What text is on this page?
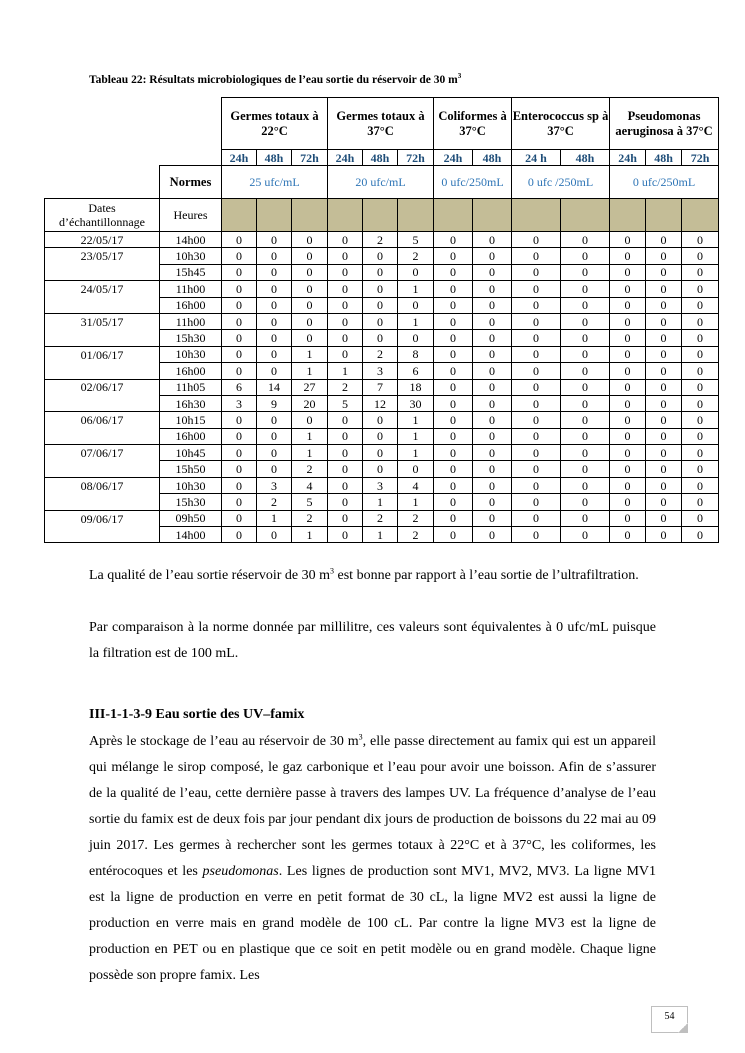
Tableau 22: Résultats microbiologiques de l’eau sortie du réservoir de 30 $m^3$
		Germes totaux à 22°C			Germes totaux à 37°C			Coliformes à 37°C		Enterococcus sp à 37°C		Pseudomonas aeruginosa à 37°C		
		24h	48h	72h	24h	48h	72h	24h	48h	24 h	48h	24h	48h	72h
	Normes	25 ufc/mL			20 ufc/mL			0 ufc/250mL		0 ufc /250mL		0 ufc/250mL		
Dates d’échantillonnage	Heures													
22/05/17	14h00	0	0	0	0	2	5	0	0	0	0	0	0	0
23/05/17	10h30	0	0	0	0	0	2	0	0	0	0	0	0	0
	15h45	0	0	0	0	0	0	0	0	0	0	0	0	0
24/05/17	11h00	0	0	0	0	0	1	0	0	0	0	0	0	0
	16h00	0	0	0	0	0	0	0	0	0	0	0	0	0
31/05/17	11h00	0	0	0	0	0	1	0	0	0	0	0	0	0
	15h30	0	0	0	0	0	0	0	0	0	0	0	0	0
01/06/17	10h30	0	0	1	0	2	8	0	0	0	0	0	0	0
	16h00	0	0	1	1	3	6	0	0	0	0	0	0	0
02/06/17	11h05	6	14	27	2	7	18	0	0	0	0	0	0	0
	16h30	3	9	20	5	12	30	0	0	0	0	0	0	0
06/06/17	10h15	0	0	0	0	0	1	0	0	0	0	0	0	0
	16h00	0	0	1	0	0	1	0	0	0	0	0	0	0
07/06/17	10h45	0	0	1	0	0	1	0	0	0	0	0	0	0
	15h50	0	0	2	0	0	0	0	0	0	0	0	0	0
08/06/17	10h30	0	3	4	0	3	4	0	0	0	0	0	0	0
	15h30	0	2	5	0	1	1	0	0	0	0	0	0	0
09/06/17	09h50	0	1	2	0	2	2	0	0	0	0	0	0	0
	14h00	0	0	1	0	1	2	0	0	0	0	0	0	0

La qualité de l’eau sortie réservoir de 30 $m^3$ est bonne par rapport à l’eau sortie de l’ultrafiltration.

Par comparaison à la norme donnée par millilitre, ces valeurs sont équivalentes à 0 ufc/mL puisque la filtration est de 100 mL.

III-1-1-3-9 Eau sortie des UV–famix

Après le stockage de l’eau au réservoir de 30 $m^3$, elle passe directement au famix qui est un appareil qui mélange le sirop composé, le gaz carbonique et l’eau pour avoir une boisson. Afin de s’assurer de la qualité de l’eau, cette dernière passe à travers des lampes UV. La fréquence d’analyse de l’eau sortie du famix est de deux fois par jour pendant dix jours de production de boissons du 22 mai au 09 juin 2017. Les germes à rechercher sont les germes totaux à 22°C et à 37°C, les coliformes, les entérocoques et les pseudomonas. Les lignes de production sont MV1, MV2, MV3. La ligne MV1 est la ligne de production en verre en petit format de 30 cL, la ligne MV2 est aussi la ligne de production en verre mais en grand modèle de 100 cL. Par contre la ligne MV3 est la ligne de production en PET ou en plastique que ce soit en petit modèle ou en grand modèle. Chaque ligne possède son propre famix. Les

54
